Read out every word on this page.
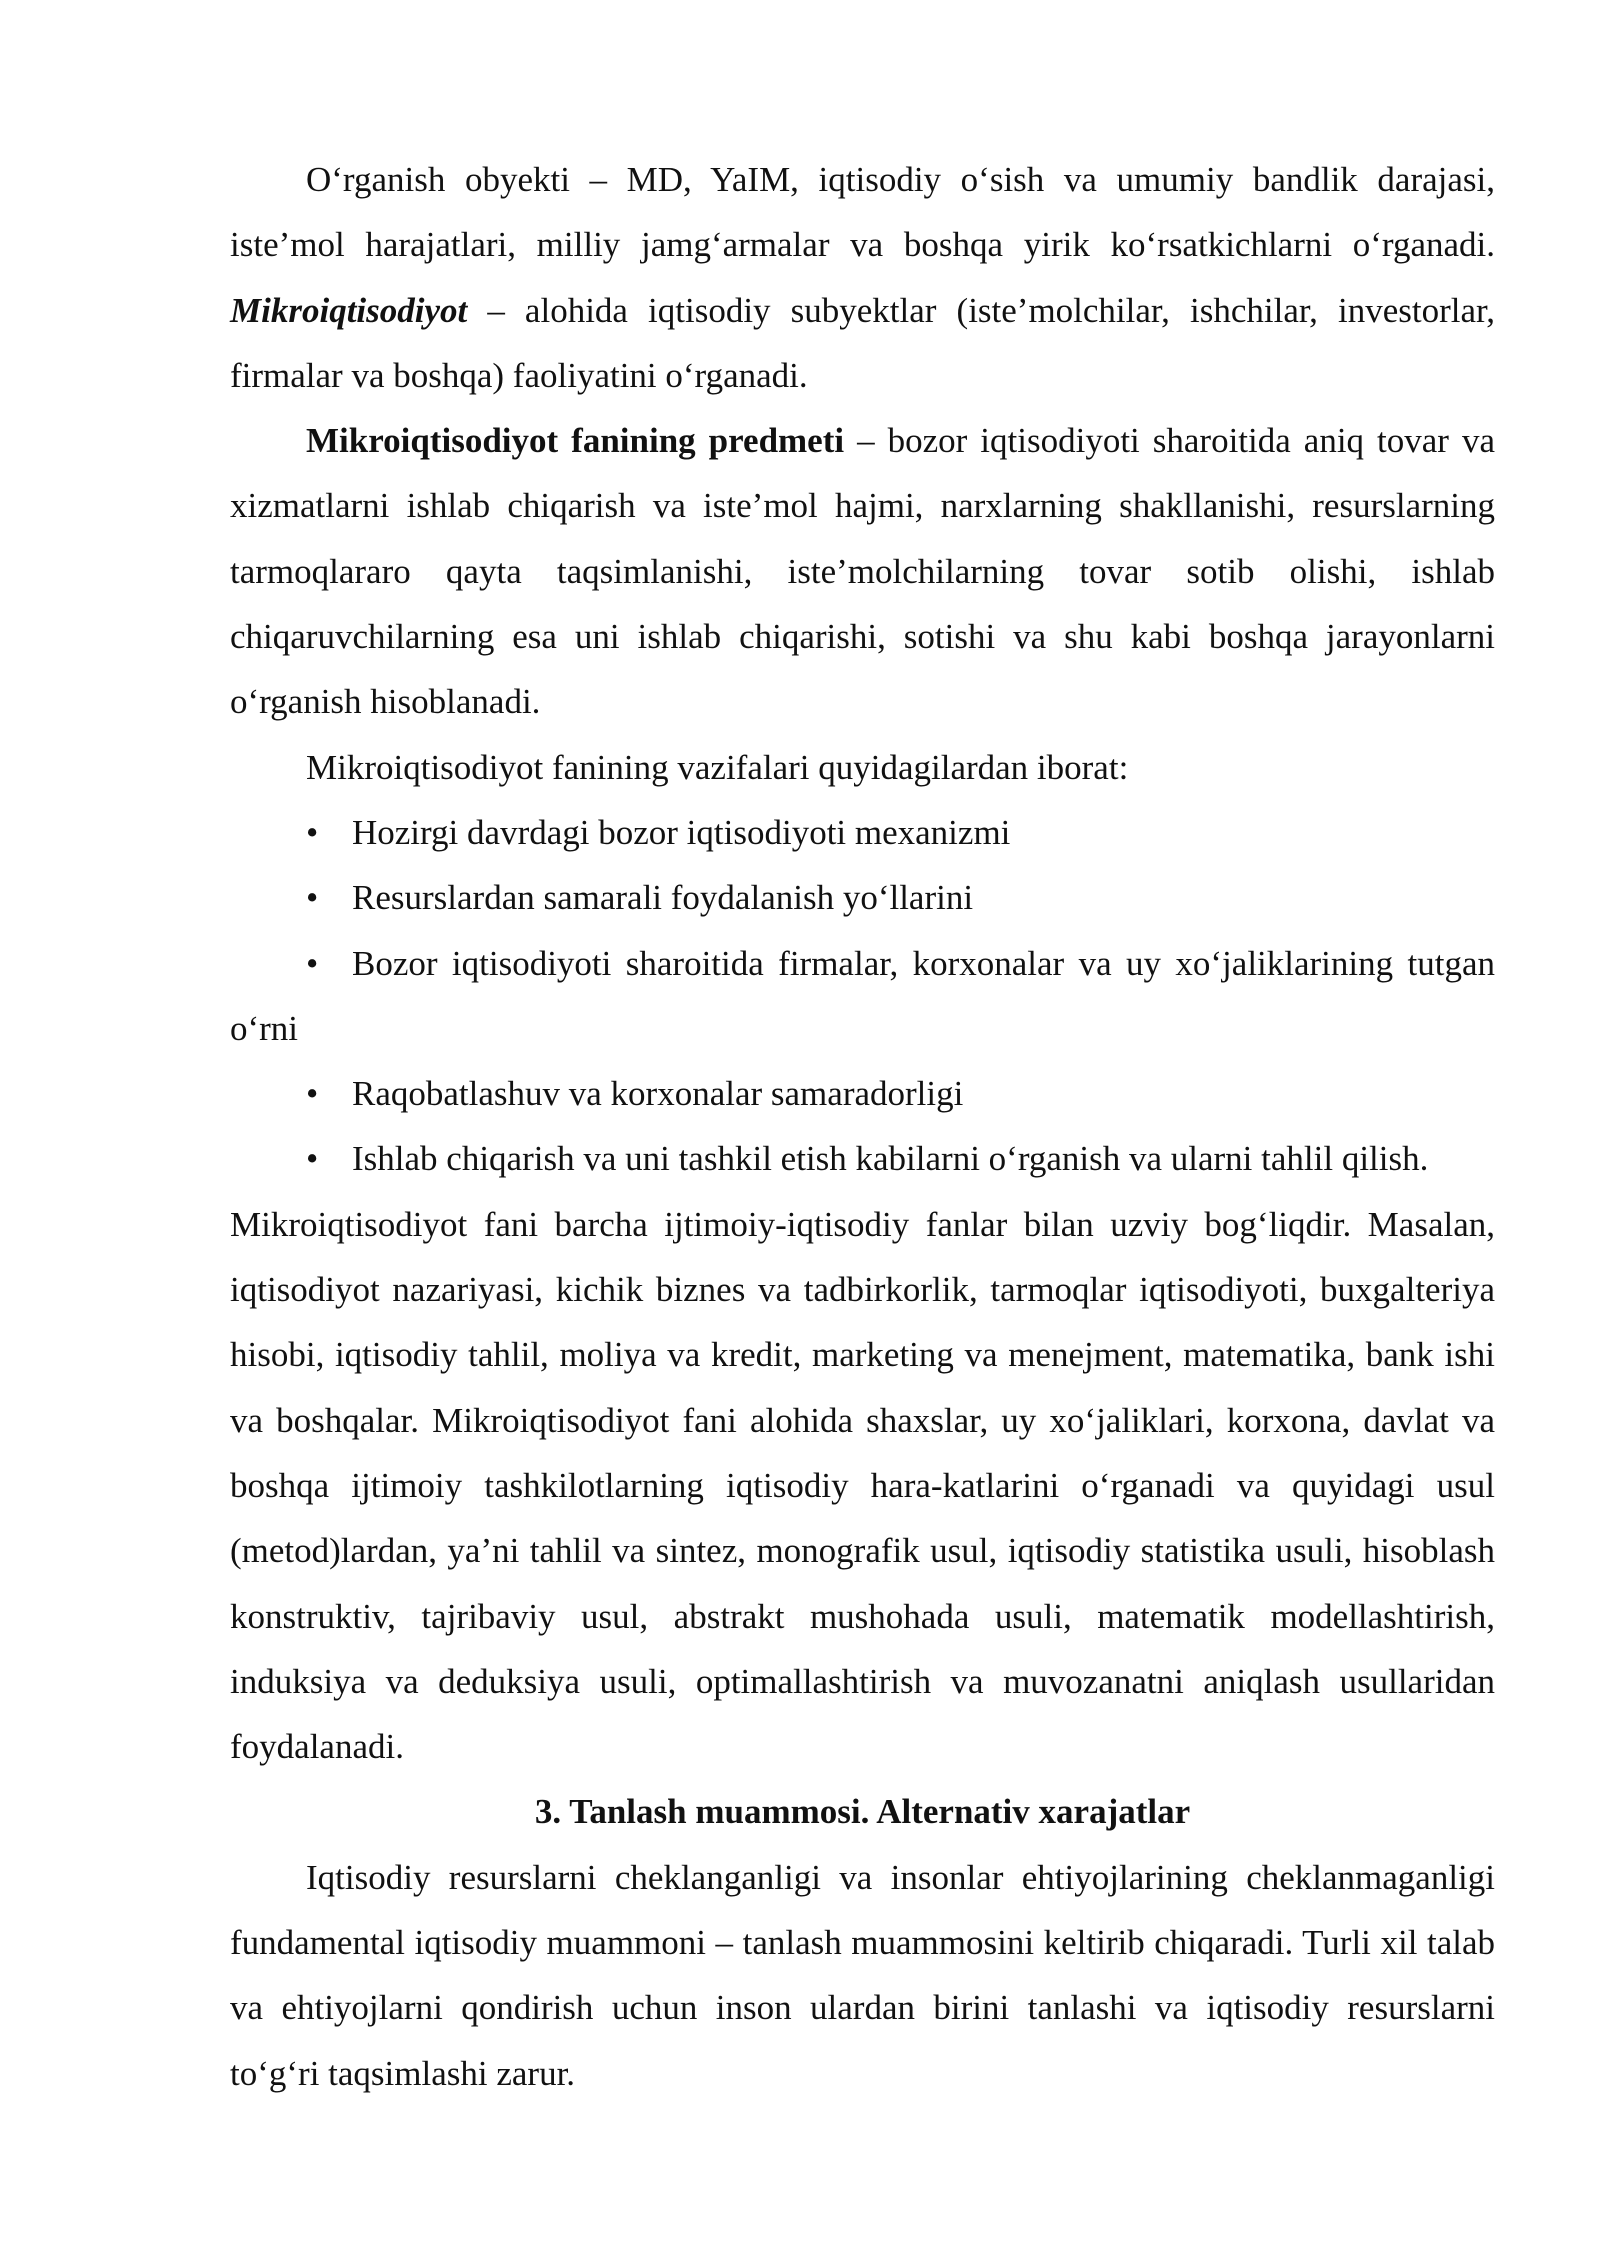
O‘rganish obyekti – MD, YaIM, iqtisodiy o‘sish va umumiy bandlik darajasi, iste’mol harajatlari, milliy jamg‘armalar va boshqa yirik ko‘rsatkichlarni o‘rganadi. Mikroiqtisodiyot – alohida iqtisodiy subyektlar (iste’molchilar, ishchilar, investorlar, firmalar va boshqa) faoliyatini o‘rganadi.

Mikroiqtisodiyot fanining predmeti – bozor iqtisodiyoti sharoitida aniq tovar va xizmatlarni ishlab chiqarish va iste’mol hajmi, narxlarning shakllanishi, resurslarning tarmoqlararo qayta taqsimlanishi, iste’molchilarning tovar sotib olishi, ishlab chiqaruvchilarning esa uni ishlab chiqarishi, sotishi va shu kabi boshqa jarayonlarni o‘rganish hisoblanadi.

Mikroiqtisodiyot fanining vazifalari quyidagilardan iborat:

• Hozirgi davrdagi bozor iqtisodiyoti mexanizmi

• Resurslardan samarali foydalanish yo‘llarini

• Bozor iqtisodiyoti sharoitida firmalar, korxonalar va uy xo‘jaliklarining tutgan o‘rni

• Raqobatlashuv va korxonalar samaradorligi

• Ishlab chiqarish va uni tashkil etish kabilarni o‘rganish va ularni tahlil qilish.

Mikroiqtisodiyot fani barcha ijtimoiy-iqtisodiy fanlar bilan uzviy bog‘liqdir. Masalan, iqtisodiyot nazariyasi, kichik biznes va tadbirkorlik, tarmoqlar iqtisodiyoti, buxgalteriya hisobi, iqtisodiy tahlil, moliya va kredit, marketing va menejment, matematika, bank ishi va boshqalar. Mikroiqtisodiyot fani alohida shaxslar, uy xo‘jaliklari, korxona, davlat va boshqa ijtimoiy tashkilotlarning iqtisodiy hara-katlarini o‘rganadi va quyidagi usul (metod)lardan, ya’ni tahlil va sintez, monografik usul, iqtisodiy statistika usuli, hisoblash konstruktiv, tajribaviy usul, abstrakt mushohada usuli, matematik modellashtirish, induksiya va deduksiya usuli, optimallashtirish va muvozanatni aniqlash usullaridan foydalanadi.

3. Tanlash muammosi. Alternativ xarajatlar

Iqtisodiy resurslarni cheklanganligi va insonlar ehtiyojlarining cheklanmaganligi fundamental iqtisodiy muammoni – tanlash muammosini keltirib chiqaradi. Turli xil talab va ehtiyojlarni qondirish uchun inson ulardan birini tanlashi va iqtisodiy resurslarni to‘g‘ri taqsimlashi zarur.
